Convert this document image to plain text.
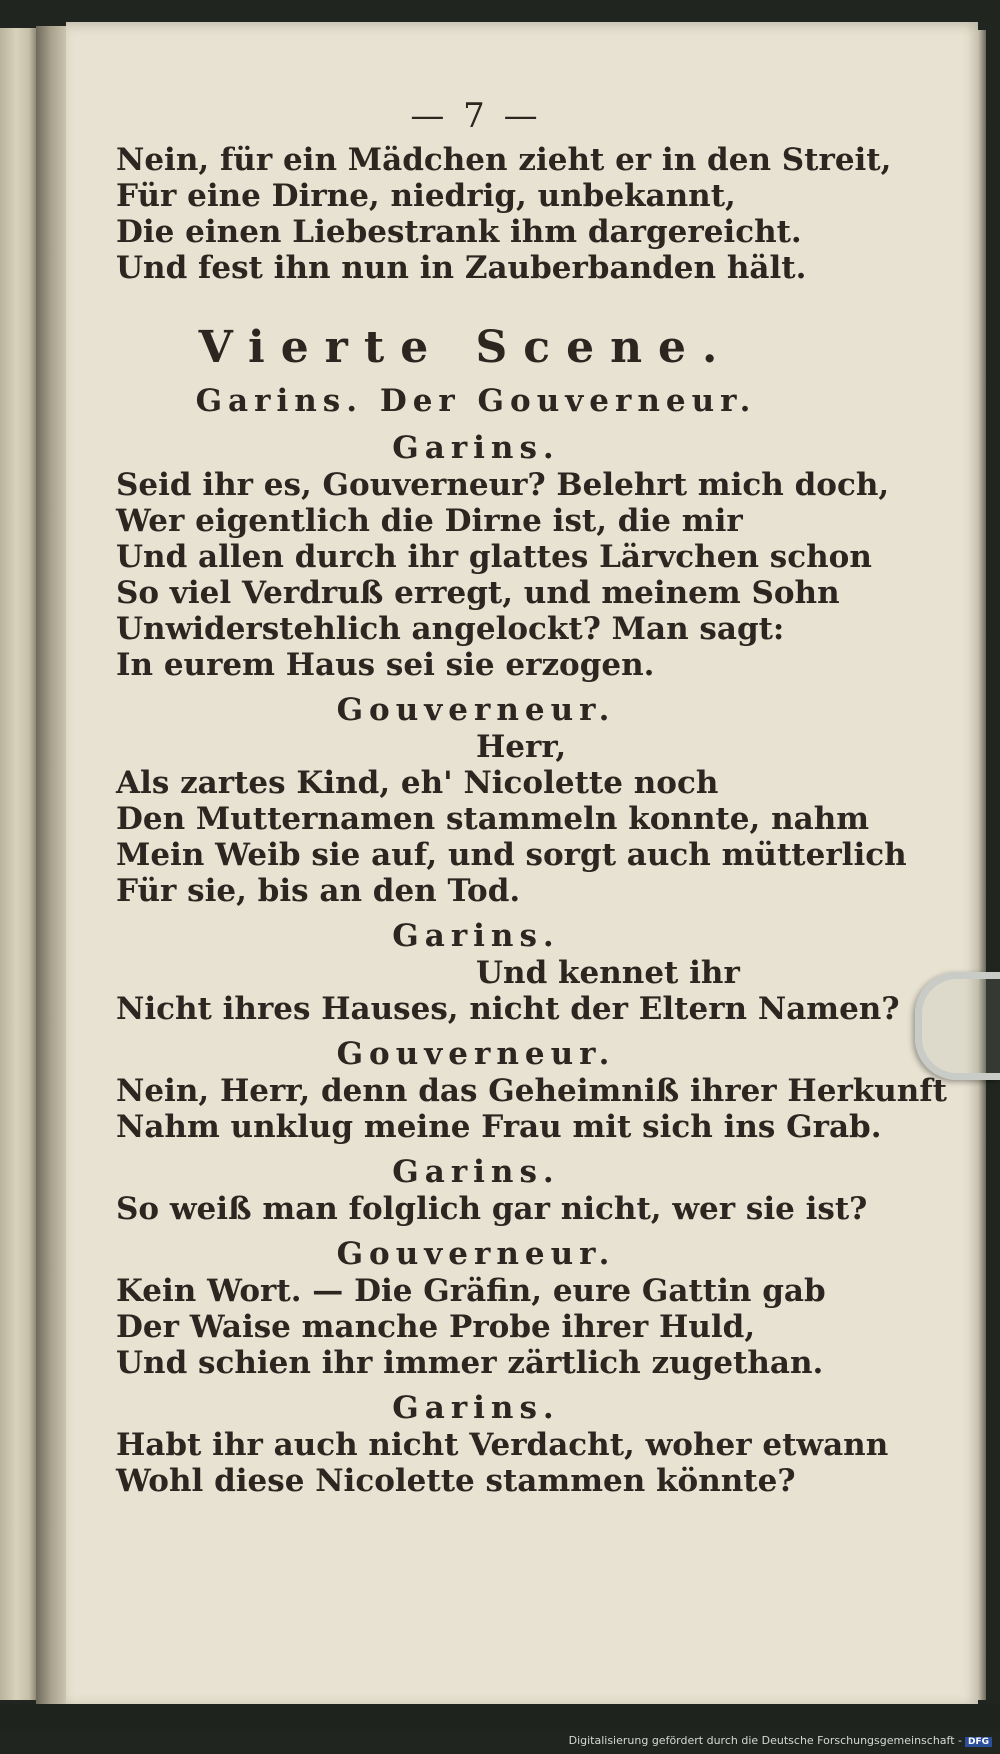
— 7 —
Nein, für ein Mädchen zieht er in den Streit,
Für eine Dirne, niedrig, unbekannt,
Die einen Liebestrank ihm dargereicht.
Und fest ihn nun in Zauberbanden hält.
Vierte Scene.
Garins. Der Gouverneur.
Garins.
Seid ihr es, Gouverneur? Belehrt mich doch,
Wer eigentlich die Dirne ist, die mir
Und allen durch ihr glattes Lärvchen schon
So viel Verdruß erregt, und meinem Sohn
Unwiderstehlich angelockt? Man sagt:
In eurem Haus sei sie erzogen.
Gouverneur.
Herr,
Als zartes Kind, eh' Nicolette noch
Den Mutternamen stammeln konnte, nahm
Mein Weib sie auf, und sorgt auch mütterlich
Für sie, bis an den Tod.
Garins.
Und kennet ihr
Nicht ihres Hauses, nicht der Eltern Namen?
Gouverneur.
Nein, Herr, denn das Geheimniß ihrer Herkunft
Nahm unklug meine Frau mit sich ins Grab.
Garins.
So weiß man folglich gar nicht, wer sie ist?
Gouverneur.
Kein Wort. — Die Gräfin, eure Gattin gab
Der Waise manche Probe ihrer Huld,
Und schien ihr immer zärtlich zugethan.
Garins.
Habt ihr auch nicht Verdacht, woher etwann
Wohl diese Nicolette stammen könnte?
Digitalisierung gefördert durch die Deutsche Forschungsgemeinschaft - DFG
